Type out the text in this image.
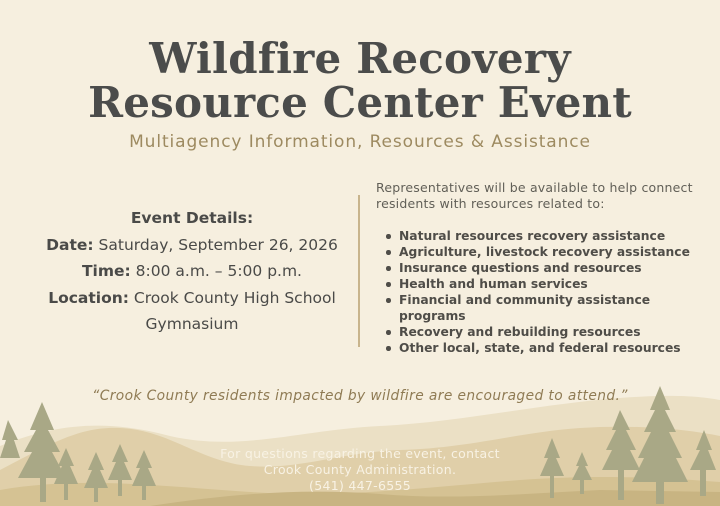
Wildfire Recovery
Resource Center Event
Multiagency Information, Resources & Assistance
Event Details:
Date: Saturday, September 26, 2026
Time: 8:00 a.m. – 5:00 p.m.
Location: Crook County High School
Gymnasium
Representatives will be available to help connect residents with resources related to:
Natural resources recovery assistance
Agriculture, livestock recovery assistance
Insurance questions and resources
Health and human services
Financial and community assistance programs
Recovery and rebuilding resources
Other local, state, and federal resources
“Crook County residents impacted by wildfire are encouraged to attend.”
For questions regarding the event, contact
Crook County Administration.
(541) 447-6555
